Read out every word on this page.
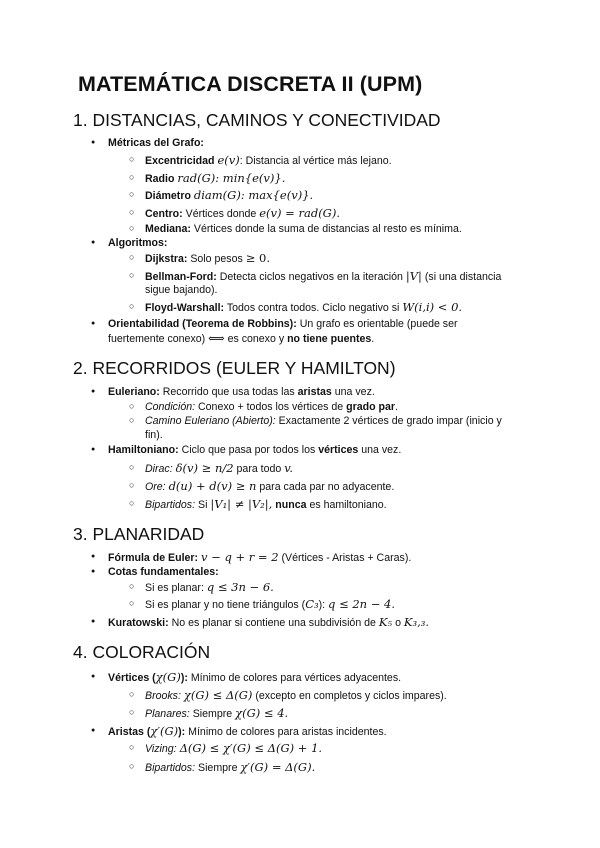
MATEMÁTICA DISCRETA II (UPM)
1. DISTANCIAS, CAMINOS Y CONECTIVIDAD
● Métricas del Grafo:
○ Excentricidad e(v): Distancia al vértice más lejano.
○ Radio rad(G): min{e(v)}.
○ Diámetro diam(G): max{e(v)}.
○ Centro: Vértices donde e(v) = rad(G).
○ Mediana: Vértices donde la suma de distancias al resto es mínima.
● Algoritmos:
○ Dijkstra: Solo pesos ≥ 0.
○ Bellman-Ford: Detecta ciclos negativos en la iteración |V| (si una distancia
sigue bajando).
○ Floyd-Warshall: Todos contra todos. Ciclo negativo si W(i,i) < 0.
● Orientabilidad (Teorema de Robbins): Un grafo es orientable (puede ser
fuertemente conexo) ⟺ es conexo y no tiene puentes.
2. RECORRIDOS (EULER Y HAMILTON)
● Euleriano: Recorrido que usa todas las aristas una vez.
○ Condición: Conexo + todos los vértices de grado par.
○ Camino Euleriano (Abierto): Exactamente 2 vértices de grado impar (inicio y
fin).
● Hamiltoniano: Ciclo que pasa por todos los vértices una vez.
○ Dirac: δ(v) ≥ n/2 para todo v.
○ Ore: d(u) + d(v) ≥ n para cada par no adyacente.
○ Bipartidos: Si |V₁| ≠ |V₂|, nunca es hamiltoniano.
3. PLANARIDAD
● Fórmula de Euler: v − q + r = 2 (Vértices - Aristas + Caras).
● Cotas fundamentales:
○ Si es planar: q ≤ 3n − 6.
○ Si es planar y no tiene triángulos (C₃): q ≤ 2n − 4.
● Kuratowski: No es planar si contiene una subdivisión de K₅ o K₃,₃.
4. COLORACIÓN
● Vértices (χ(G)): Mínimo de colores para vértices adyacentes.
○ Brooks: χ(G) ≤ Δ(G) (excepto en completos y ciclos impares).
○ Planares: Siempre χ(G) ≤ 4.
● Aristas (χ′(G)): Mínimo de colores para aristas incidentes.
○ Vizing: Δ(G) ≤ χ′(G) ≤ Δ(G) + 1.
○ Bipartidos: Siempre χ′(G) = Δ(G).
